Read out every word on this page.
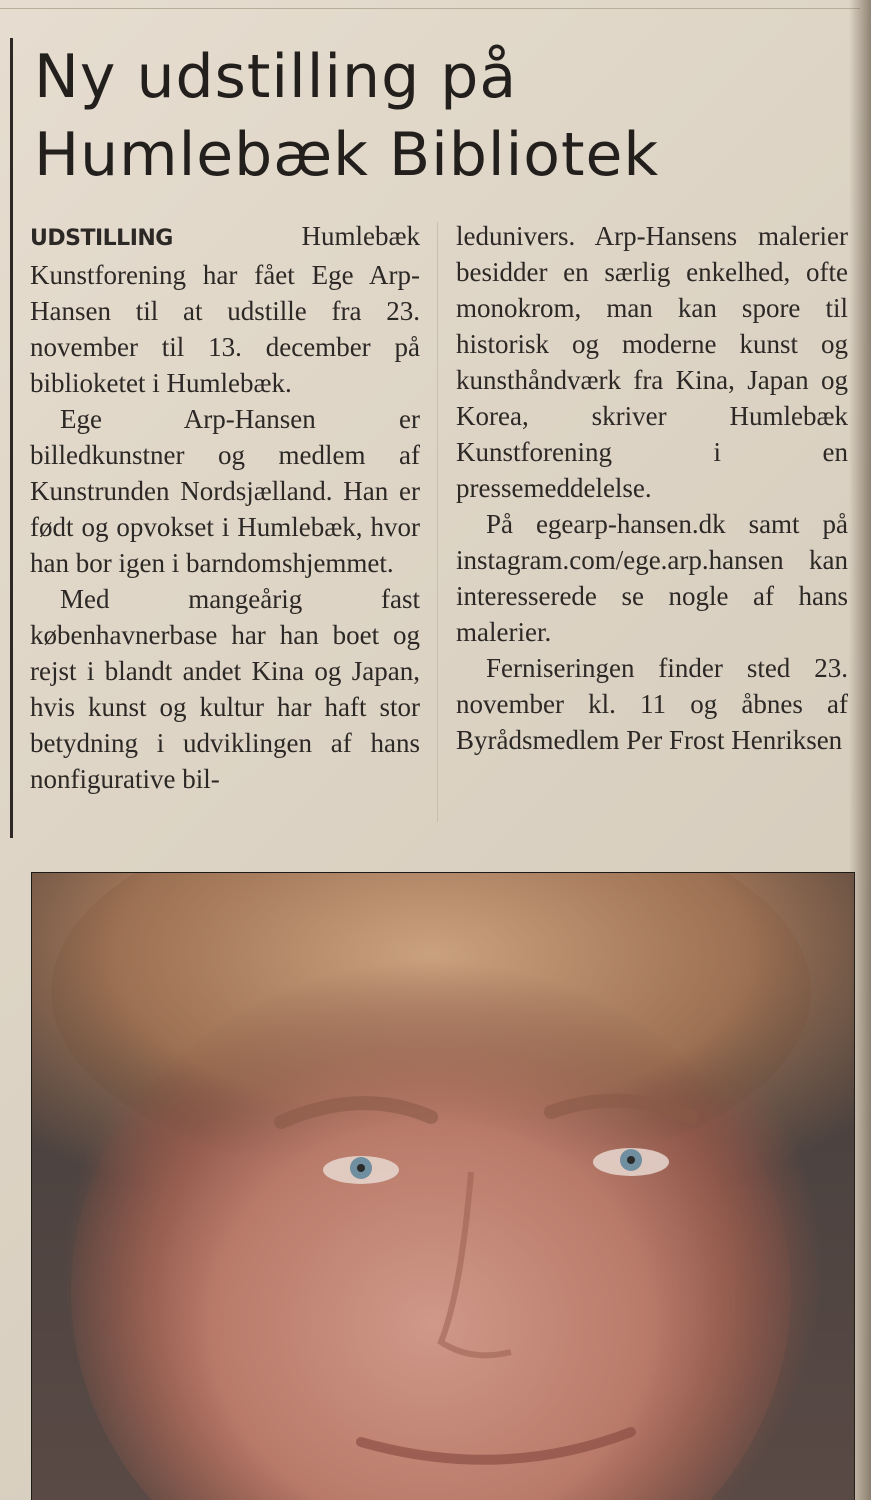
Ny udstilling på
Humlebæk Bibliotek

UDSTILLING	Humlebæk Kunstforening har fået Ege Arp-Hansen til at udstille fra 23. november til 13. december på biblioketet i Humlebæk.

Ege Arp-Hansen er billedkunstner og medlem af Kunstrunden Nordsjælland. Han er født og opvokset i Humlebæk, hvor han bor igen i barndomshjemmet.

Med mangeårig fast københavnerbase har han boet og rejst i blandt andet Kina og Japan, hvis kunst og kultur har haft stor betydning i udviklingen af hans nonfigurative bil-

ledunivers. Arp-Hansens malerier besidder en særlig enkelhed, ofte monokrom, man kan spore til historisk og moderne kunst og kunsthåndværk fra Kina, Japan og Korea, skriver Humlebæk Kunstforening i en pressemeddelelse.

På egearp-hansen.dk samt på instagram.com/ege.arp.hansen kan interesserede se nogle af hans malerier.

Ferniseringen finder sted 23. november kl. 11 og åbnes af Byrådsmedlem Per Frost Henriksen
